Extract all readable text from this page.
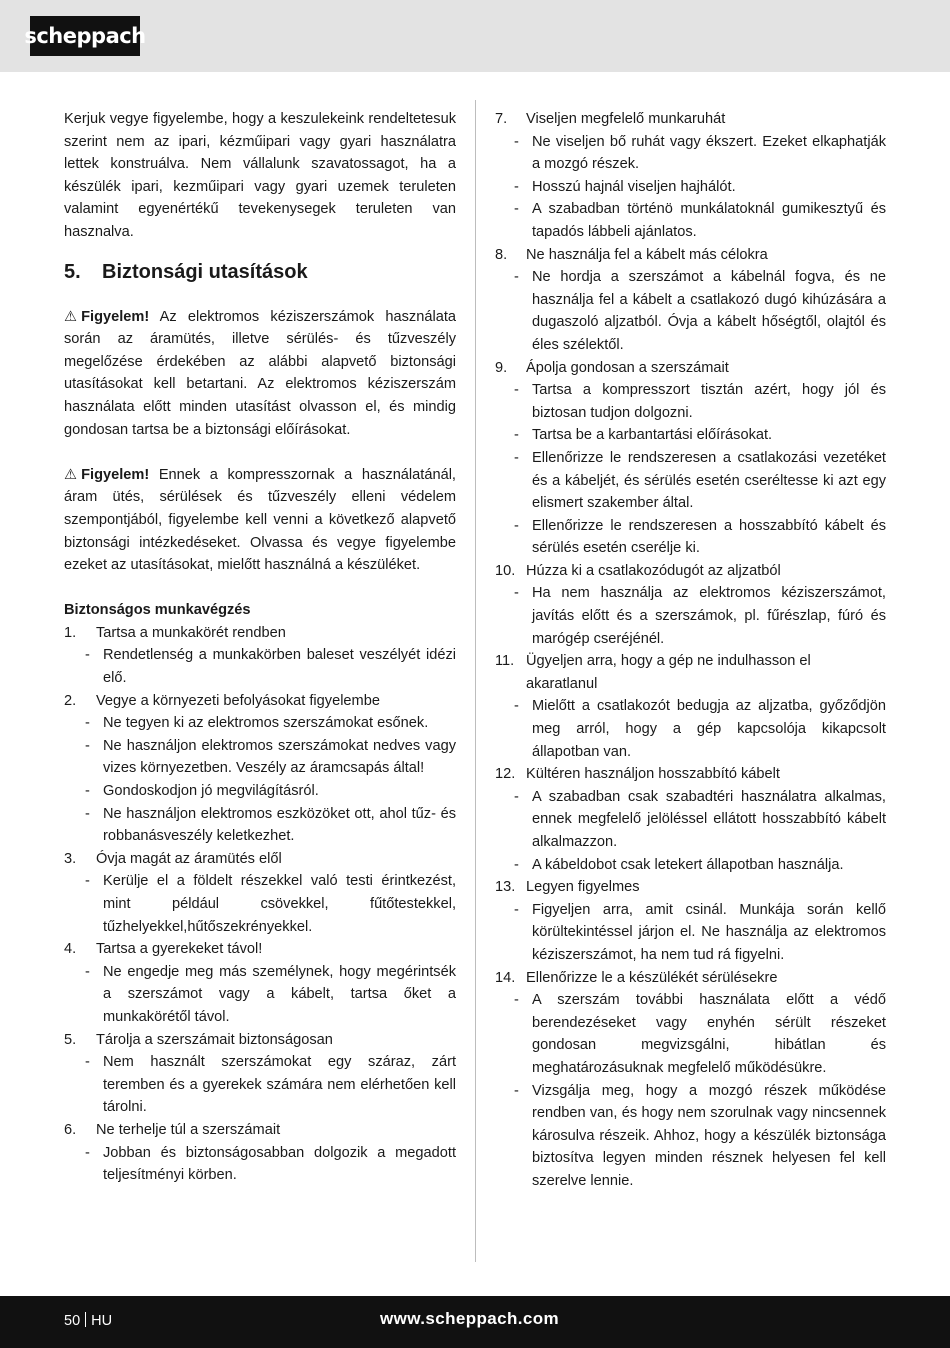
scheppach

Kerjuk vegye figyelembe, hogy a keszulekeink rendeltetesuk szerint nem az ipari, kézműipari vagy gyari használatra lettek konstruálva. Nem vállalunk szavatossagot, ha a készülék ipari, kezműipari vagy gyari uzemek teruleten valamint egyenértékű tevekenysegek teruleten van hasznalva.

5. Biztonsági utasítások

⚠ Figyelem! Az elektromos kéziszerszámok használata során az áramütés, illetve sérülés- és tűzveszély megelőzése érdekében az alábbi alapvető biztonsági utasításokat kell betartani. Az elektromos kéziszerszám használata előtt minden utasítást olvasson el, és mindig gondosan tartsa be a biztonsági előírásokat.

⚠ Figyelem! Ennek a kompresszornak a használatánál, áram ütés, sérülések és tűzveszély elleni védelem szempontjából, figyelembe kell venni a következő alapvető biztonsági intézkedéseket. Olvassa és vegye figyelembe ezeket az utasításokat, mielőtt használná a készüléket.

Biztonságos munkavégzés

1.	Tartsa a munkakörét rendben
- Rendetlenség a munkakörben baleset veszélyét idézi elő.
2.	Vegye a környezeti befolyásokat figyelembe
- Ne tegyen ki az elektromos szerszámokat esőnek.
- Ne használjon elektromos szerszámokat nedves vagy vizes környezetben. Veszély az áramcsapás által!
- Gondoskodjon jó megvilágításról.
- Ne használjon elektromos eszközöket ott, ahol tűz- és robbanásveszély keletkezhet.
3.	Óvja magát az áramütés elől
- Kerülje el a földelt részekkel való testi érintkezést, mint például csövekkel, fűtőtestekkel, tűzhelyekkel,hűtőszekrényekkel.
4.	Tartsa a gyerekeket távol!
- Ne engedje meg más személynek, hogy megérintsék a szerszámot vagy a kábelt, tartsa őket a munkakörétől távol.
5.	Tárolja a szerszámait biztonságosan
- Nem használt szerszámokat egy száraz, zárt teremben és a gyerekek számára nem elérhetően kell tárolni.
6.	Ne terhelje túl a szerszámait
- Jobban és biztonságosabban dolgozik a megadott teljesítményi körben.
7.	Viseljen megfelelő munkaruhát
- Ne viseljen bő ruhát vagy ékszert. Ezeket elkaphatják a mozgó részek.
- Hosszú hajnál viseljen hajhálót.
- A szabadban történö munkálatoknál gumikesztyű és tapadós lábbeli ajánlatos.
8.	Ne használja fel a kábelt más célokra
- Ne hordja a szerszámot a kábelnál fogva, és ne használja fel a kábelt a csatlakozó dugó kihúzására a dugaszoló aljzatból. Óvja a kábelt hőségtől, olajtól és éles szélektől.
9.	Ápolja gondosan a szerszámait
- Tartsa a kompresszort tisztán azért, hogy jól és biztosan tudjon dolgozni.
- Tartsa be a karbantartási előírásokat.
- Ellenőrizze le rendszeresen a csatlakozási vezetéket és a kábeljét, és sérülés esetén cseréltesse ki azt egy elismert szakember által.
- Ellenőrizze le rendszeresen a hosszabbító kábelt és sérülés esetén cserélje ki.
10. Húzza ki a csatlakozódugót az aljzatból
- Ha nem használja az elektromos kéziszerszámot, javítás előtt és a szerszámok, pl. fűrészlap, fúró és marógép cseréjénél.
11. Ügyeljen arra, hogy a gép ne indulhasson el akaratlanul
- Mielőtt a csatlakozót bedugja az aljzatba, győződjön meg arról, hogy a gép kapcsolója kikapcsolt állapotban van.
12. Kültéren használjon hosszabbító kábelt
- A szabadban csak szabadtéri használatra alkalmas, ennek megfelelő jelöléssel ellátott hosszabbító kábelt alkalmazzon.
- A kábeldobot csak letekert állapotban használja.
13. Legyen figyelmes
- Figyeljen arra, amit csinál. Munkája során kellő körültekintéssel járjon el. Ne használja az elektromos kéziszerszámot, ha nem tud rá figyelni.
14. Ellenőrizze le a készülékét sérülésekre
- A szerszám további használata előtt a védő berendezéseket vagy enyhén sérült részeket gondosan megvizsgálni, hibátlan és meghatározásuknak megfelelő működésükre.
- Vizsgálja meg, hogy a mozgó részek működése rendben van, és hogy nem szorulnak vagy nincsennek károsulva részeik. Ahhoz, hogy a készülék biztonsága biztosítva legyen minden résznek helyesen fel kell szerelve lennie.
50 HU	www.scheppach.com
